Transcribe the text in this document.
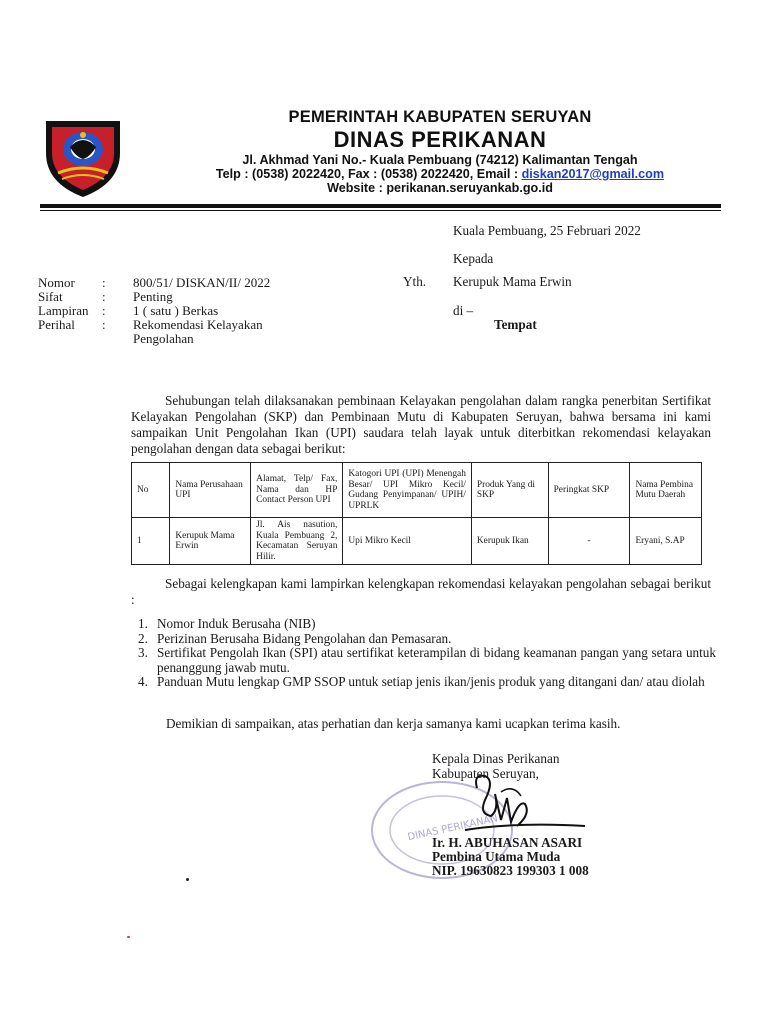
PEMERINTAH KABUPATEN SERUYAN
DINAS PERIKANAN
Jl. Akhmad Yani No.- Kuala Pembuang (74212) Kalimantan Tengah
Telp : (0538) 2022420, Fax : (0538) 2022420, Email : diskan2017@gmail.com
Website : perikanan.seruyankab.go.id
Kuala Pembuang, 25 Februari 2022
Kepada
Yth. Kerupuk Mama Erwin
di –
Tempat
Nomor : 800/51/ DISKAN/II/ 2022
Sifat	: Penting
Lampiran : 1 ( satu ) Berkas
Perihal : Rekomendasi Kelayakan
Pengolahan
Sehubungan telah dilaksanakan pembinaan Kelayakan pengolahan dalam rangka penerbitan Sertifikat Kelayakan Pengolahan (SKP) dan Pembinaan Mutu di Kabupaten Seruyan, bahwa bersama ini kami sampaikan Unit Pengolahan Ikan (UPI) saudara telah layak untuk diterbitkan rekomendasi kelayakan pengolahan dengan data sebagai berikut:
No	Nama Perusahaan UPI	Alamat, Telp/ Fax, Nama dan HP Contact Person UPI	Katogori UPI (UPI) Menengah Besar/ UPI Mikro Kecil/ Gudang Penyimpanan/ UPIH/ UPRLK	Produk Yang di SKP	Peringkat SKP	Nama Pembina Mutu Daerah
1	Kerupuk Mama Erwin	Jl. Ais nasution, Kuala Pembuang 2, Kecamatan Seruyan Hilir.	Upi Mikro Kecil	Kerupuk Ikan	-	Eryani, S.AP
Sebagai kelengkapan kami lampirkan kelengkapan rekomendasi kelayakan pengolahan sebagai berikut :
1. Nomor Induk Berusaha (NIB)
2. Perizinan Berusaha Bidang Pengolahan dan Pemasaran.
3. Sertifikat Pengolah Ikan (SPI) atau sertifikat keterampilan di bidang keamanan pangan yang setara untuk penanggung jawab mutu.
4. Panduan Mutu lengkap GMP SSOP untuk setiap jenis ikan/jenis produk yang ditangani dan/ atau diolah
Demikian di sampaikan, atas perhatian dan kerja samanya kami ucapkan terima kasih.
Kepala Dinas Perikanan
Kabupaten Seruyan,
DINAS PERIKANAN
Ir. H. ABUHASAN ASARI
Pembina Utama Muda
NIP. 19630823 199303 1 008
